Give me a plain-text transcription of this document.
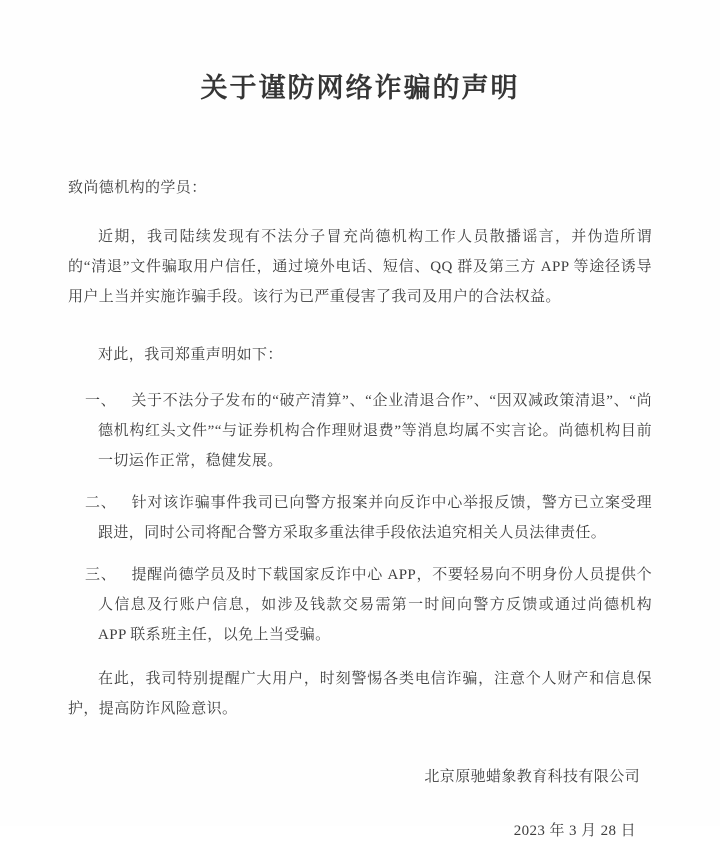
关于谨防网络诈骗的声明

致尚德机构的学员：

近期，我司陆续发现有不法分子冒充尚德机构工作人员散播谣言，并伪造所谓的“清退”文件骗取用户信任，通过境外电话、短信、QQ 群及第三方 APP 等途径诱导用户上当并实施诈骗手段。该行为已严重侵害了我司及用户的合法权益。

对此，我司郑重声明如下：

一、 关于不法分子发布的“破产清算”、“企业清退合作”、“因双减政策清退”、“尚德机构红头文件”“与证券机构合作理财退费”等消息均属不实言论。尚德机构目前一切运作正常，稳健发展。
二、 针对该诈骗事件我司已向警方报案并向反诈中心举报反馈，警方已立案受理跟进，同时公司将配合警方采取多重法律手段依法追究相关人员法律责任。
三、 提醒尚德学员及时下载国家反诈中心 APP，不要轻易向不明身份人员提供个人信息及行账户信息，如涉及钱款交易需第一时间向警方反馈或通过尚德机构 APP 联系班主任，以免上当受骗。

在此，我司特别提醒广大用户，时刻警惕各类电信诈骗，注意个人财产和信息保护，提高防诈风险意识。

北京原驰蜡象教育科技有限公司

2023 年 3 月 28 日
